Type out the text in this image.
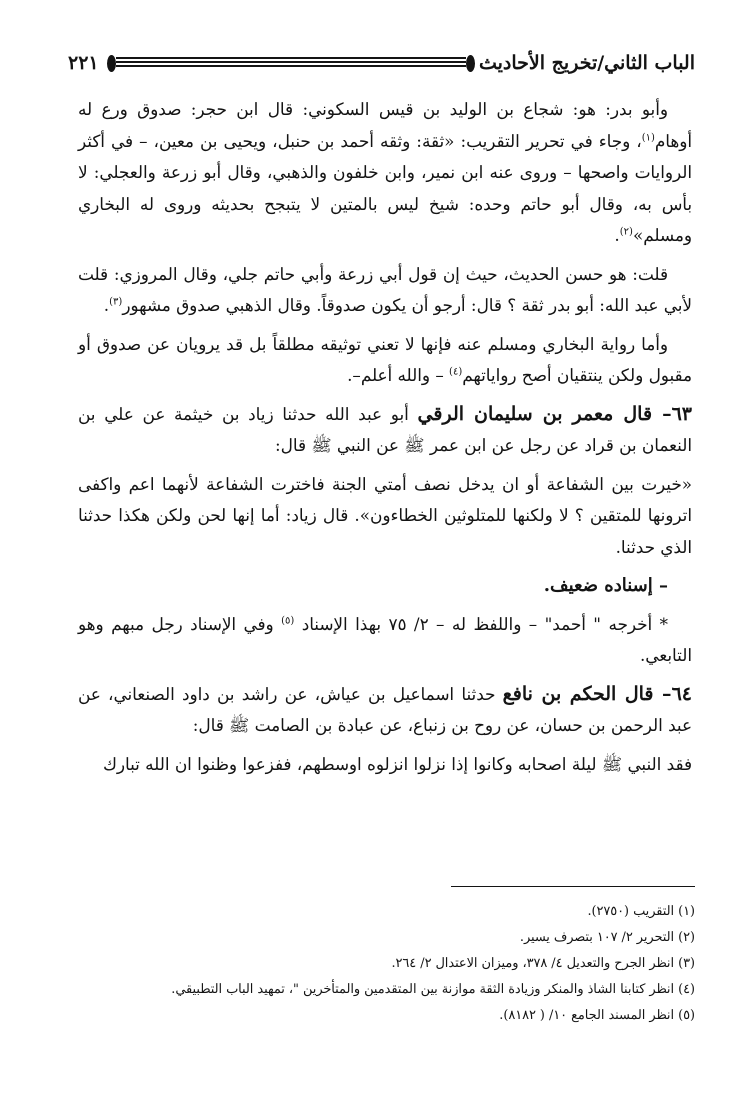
الباب الثاني/تخريج الأحاديث
٢٢١

وأبو بدر: هو: شجاع بن الوليد بن قيس السكوني: قال ابن حجر: صدوق ورع له أوهام$^{(١)}$، وجاء في تحرير التقريب: «ثقة: وثقه أحمد بن حنبل، ويحيى بن معين، – في أكثر الروايات واصحها – وروى عنه ابن نمير، وابن خلفون والذهبي، وقال أبو زرعة والعجلي: لا بأس به، وقال أبو حاتم وحده: شيخ ليس بالمتين لا يتبجح بحديثه وروى له البخاري ومسلم»$^{(٢)}$.

قلت: هو حسن الحديث، حيث إن قول أبي زرعة وأبي حاتم جلي، وقال المروزي: قلت لأبي عبد الله: أبو بدر ثقة ؟ قال: أرجو أن يكون صدوقاً. وقال الذهبي صدوق مشهور$^{(٣)}$.

وأما رواية البخاري ومسلم عنه فإنها لا تعني توثيقه مطلقاً بل قد يرويان عن صدوق أو مقبول ولكن ينتقيان أصح رواياتهم$^{(٤)}$ – والله أعلم–.

٦٣– قال معمر بن سليمان الرقي أبو عبد الله حدثنا زياد بن خيثمة عن علي بن النعمان بن قراد عن رجل عن ابن عمر ﷺ عن النبي ﷺ قال:

«خيرت بين الشفاعة أو ان يدخل نصف أمتي الجنة فاخترت الشفاعة لأنهما اعم واكفى اترونها للمتقين ؟ لا ولكنها للمتلوثين الخطاءون». قال زياد: أما إنها لحن ولكن هكذا حدثنا الذي حدثنا.

– إسناده ضعيف.

* أخرجه " أحمد" – واللفظ له – ٢/ ٧٥ بهذا الإسناد $^{(٥)}$ وفي الإسناد رجل مبهم وهو التابعي.

٦٤– قال الحكم بن نافع حدثنا اسماعيل بن عياش، عن راشد بن داود الصنعاني، عن عبد الرحمن بن حسان، عن روح بن زنباع، عن عبادة بن الصامت ﷺ قال:

فقد النبي ﷺ ليلة اصحابه وكانوا إذا نزلوا انزلوه اوسطهم، ففزعوا وظنوا ان الله تبارك

(١) التقريب (٢٧٥٠).
(٢) التحرير ٢/ ١٠٧ بتصرف يسير.
(٣) انظر الجرح والتعديل ٤/ ٣٧٨، وميزان الاعتدال ٢/ ٢٦٤.
(٤) انظر كتابنا الشاذ والمنكر وزيادة الثقة موازنة بين المتقدمين والمتأخرين "، تمهيد الباب التطبيقي.
(٥) انظر المسند الجامع ١٠/ ( ٨١٨٢).
